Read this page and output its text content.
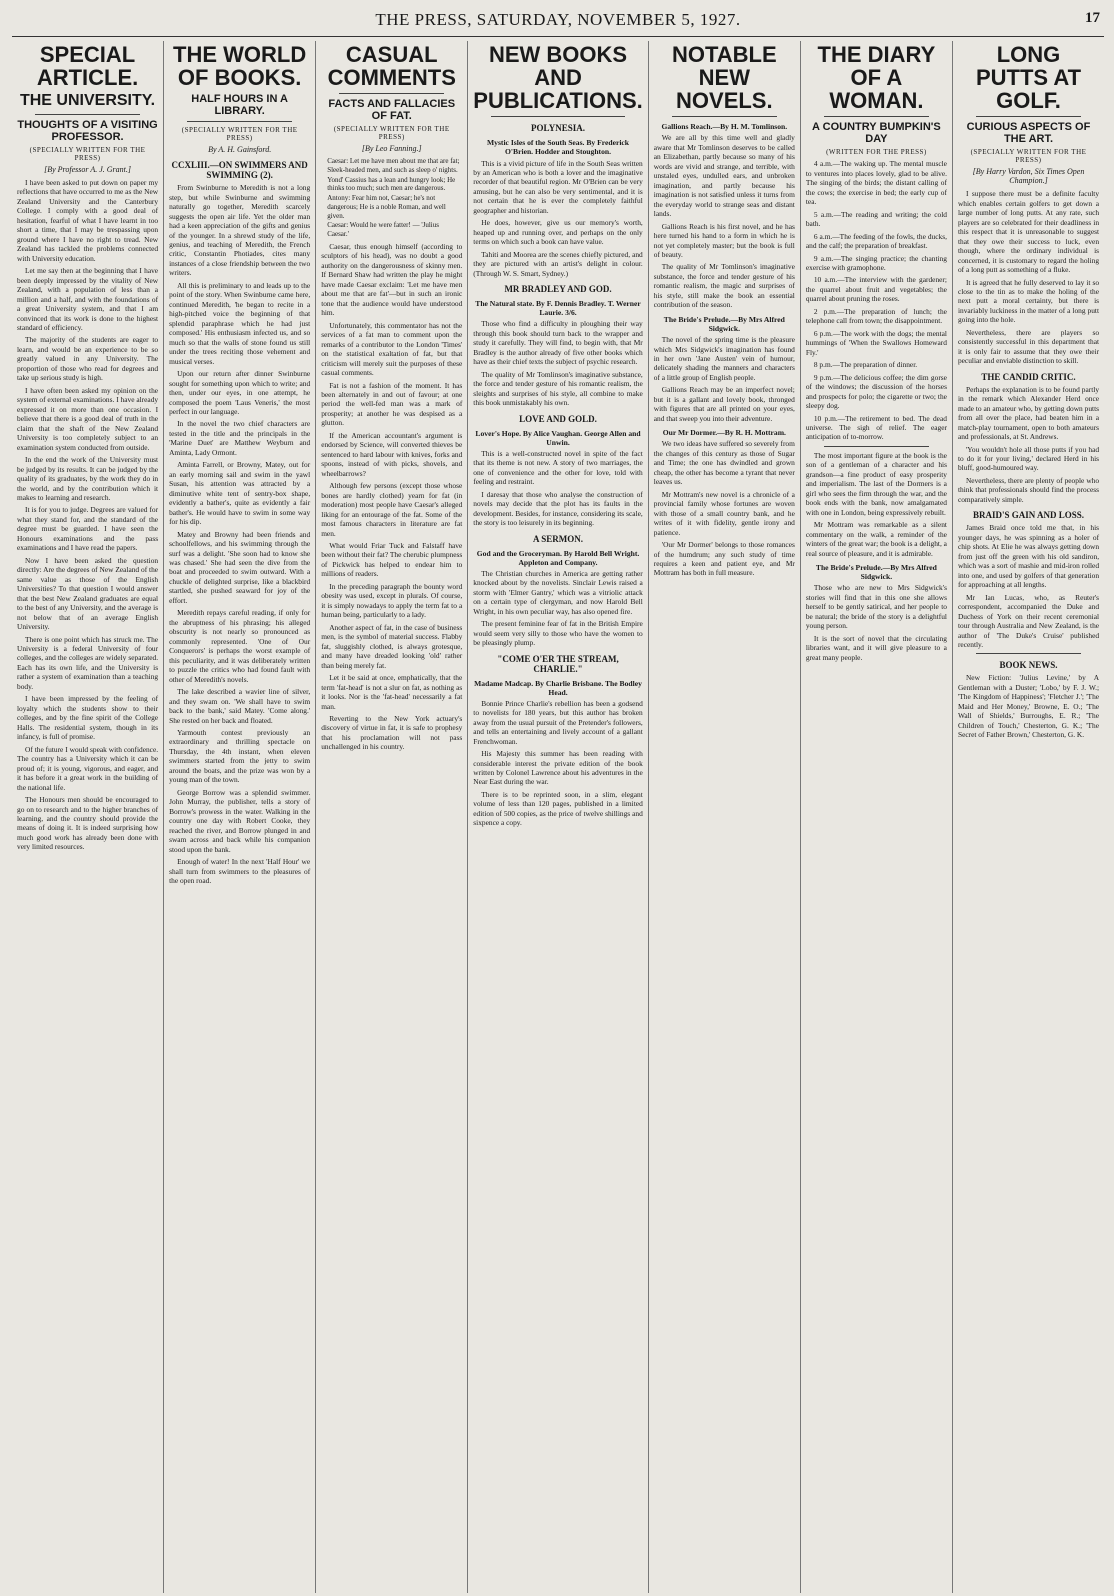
THE PRESS, SATURDAY, NOVEMBER 5, 1927.	17
SPECIAL ARTICLE.
THE UNIVERSITY.
THOUGHTS OF A VISITING PROFESSOR.
(SPECIALLY WRITTEN FOR THE PRESS)
[By Professor A. J. Grant.]

I have been asked to put down on paper my reflections that have occurred to me as the New Zealand University and the Canterbury College. I comply with a good deal of hesitation, fearful of what I have learnt in too short a time, that I may be trespassing upon ground where I have no right to tread. New Zealand has tackled the problems connected with University education.

Let me say then at the beginning that I have been deeply impressed by the vitality of New Zealand, with a population of less than a million and a half, and with the foundations of a great University system, and that I am convinced that its work is done to the highest standard of efficiency.

The majority of the students are eager to learn, and would be an experience to be so greatly valued in any University. The proportion of those who read for degrees and take up serious study is high.

I have often been asked my opinion on the system of external examinations. I have already expressed it on more than one occasion. I believe that there is a good deal of truth in the claim that the shaft of the New Zealand University is too completely subject to an examination system conducted from outside.

In the end the work of the University must be judged by its results. It can be judged by the quality of its graduates, by the work they do in the world, and by the contribution which it makes to learning and research.

It is for you to judge. Degrees are valued for what they stand for, and the standard of the degree must be guarded. I have seen the Honours examinations and the pass examinations and I have read the papers.

Now I have been asked the question directly: Are the degrees of New Zealand of the same value as those of the English Universities? To that question I would answer that the best New Zealand graduates are equal to the best of any University, and the average is not below that of an average English University.

There is one point which has struck me. The University is a federal University of four colleges, and the colleges are widely separated. Each has its own life, and the University is rather a system of examination than a teaching body.

I have been impressed by the feeling of loyalty which the students show to their colleges, and by the fine spirit of the College Halls. The residential system, though in its infancy, is full of promise.

Of the future I would speak with confidence. The country has a University which it can be proud of; it is young, vigorous, and eager, and it has before it a great work in the building of the national life.

The Honours men should be encouraged to go on to research and to the higher branches of learning, and the country should provide the means of doing it. It is indeed surprising how much good work has already been done with very limited resources.

THE WORLD OF BOOKS.
HALF HOURS IN A LIBRARY.
(SPECIALLY WRITTEN FOR THE PRESS)
By A. H. Gainsford.
CCXLIII.—ON SWIMMERS AND SWIMMING (2).

From Swinburne to Meredith is not a long step, but while Swinburne and swimming naturally go together, Meredith scarcely suggests the open air life. Yet the older man had a keen appreciation of the gifts and genius of the younger. In a shrewd study of the life, genius, and teaching of Meredith, the French critic, Constantin Photiades, cites many instances of a close friendship between the two writers.

All this is preliminary to and leads up to the point of the story. When Swinburne came here, continued Meredith, 'he began to recite in a high-pitched voice the beginning of that splendid paraphrase which he had just composed.' His enthusiasm infected us, and so much so that the walls of stone found us still under the trees reciting those vehement and musical verses.

Upon our return after dinner Swinburne sought for something upon which to write; and then, under our eyes, in one attempt, he composed the poem 'Laus Veneris,' the most perfect in our language.

In the novel the two chief characters are tested in the title and the principals in the 'Marine Duet' are Matthew Weyburn and Aminta, Lady Ormont.

Aminta Farrell, or Browny, Matey, out for an early morning sail and swim in the yawl Susan, his attention was attracted by a diminutive white tent of sentry-box shape, evidently a bather's, quite as evidently a fair bather's. He would have to swim in some way for his dip.

Matey and Browny had been friends and schoolfellows, and his swimming through the surf was a delight. 'She soon had to know she was chased.' She had seen the dive from the boat and proceeded to swim outward. With a chuckle of delighted surprise, like a blackbird startled, she pushed seaward for joy of the effort.

Meredith repays careful reading, if only for the abruptness of his phrasing; his alleged obscurity is not nearly so pronounced as commonly represented. 'One of Our Conquerors' is perhaps the worst example of this peculiarity, and it was deliberately written to puzzle the critics who had found fault with other of Meredith's novels.

The lake described a wavier line of silver, and they swam on. 'We shall have to swim back to the bank,' said Matey. 'Come along.' She rested on her back and floated.

Yarmouth contest previously an extraordinary and thrilling spectacle on Thursday, the 4th instant, when eleven swimmers started from the jetty to swim around the boats, and the prize was won by a young man of the town.

George Borrow was a splendid swimmer. John Murray, the publisher, tells a story of Borrow's prowess in the water. Walking in the country one day with Robert Cooke, they reached the river, and Borrow plunged in and swam across and back while his companion stood upon the bank.

Enough of water! In the next 'Half Hour' we shall turn from swimmers to the pleasures of the open road.

CASUAL COMMENTS
FACTS AND FALLACIES OF FAT.
(SPECIALLY WRITTEN FOR THE PRESS)
[By Leo Fanning.]
Caesar: Let me have men about me that are fat; Sleek-headed men, and such as sleep o' nights.
Yond' Cassius has a lean and hungry look; He thinks too much; such men are dangerous.
Antony: Fear him not, Caesar; he's not dangerous; He is a noble Roman, and well given.
Caesar: Would he were fatter! — 'Julius Caesar.'

Caesar, thus enough himself (according to sculptors of his head), was no doubt a good authority on the dangerousness of skinny men. If Bernard Shaw had written the play he might have made Caesar exclaim: 'Let me have men about me that are fat'—but in such an ironic tone that the audience would have understood him.

Unfortunately, this commentator has not the services of a fat man to comment upon the remarks of a contributor to the London 'Times' on the statistical exaltation of fat, but that criticism will merely suit the purposes of these casual comments.

Fat is not a fashion of the moment. It has been alternately in and out of favour; at one period the well-fed man was a mark of prosperity; at another he was despised as a glutton.

If the American accountant's argument is endorsed by Science, will converted thieves be sentenced to hard labour with knives, forks and spoons, instead of with picks, shovels, and wheelbarrows?

Although few persons (except those whose bones are hardly clothed) yearn for fat (in moderation) most people have Caesar's alleged liking for an entourage of the fat. Some of the most famous characters in literature are fat men.

What would Friar Tuck and Falstaff have been without their fat? The cherubic plumpness of Pickwick has helped to endear him to millions of readers.

In the preceding paragraph the bounty word obesity was used, except in plurals. Of course, it is simply nowadays to apply the term fat to a human being, particularly to a lady.

Another aspect of fat, in the case of business men, is the symbol of material success. Flabby fat, sluggishly clothed, is always grotesque, and many have dreaded looking 'old' rather than being merely fat.

Let it be said at once, emphatically, that the term 'fat-head' is not a slur on fat, as nothing as it looks. Nor is the 'fat-head' necessarily a fat man.

Reverting to the New York actuary's discovery of virtue in fat, it is safe to prophesy that his proclamation will not pass unchallenged in his country.

NEW BOOKS AND PUBLICATIONS.
POLYNESIA.
Mystic Isles of the South Seas. By Frederick O'Brien. Hodder and Stoughton.

This is a vivid picture of life in the South Seas written by an American who is both a lover and the imaginative recorder of that beautiful region. Mr O'Brien can be very amusing, but he can also be very sentimental, and it is not certain that he is ever the completely faithful geographer and historian.

He does, however, give us our memory's worth, heaped up and running over, and perhaps on the only terms on which such a book can have value.

Tahiti and Moorea are the scenes chiefly pictured, and they are pictured with an artist's delight in colour. (Through W. S. Smart, Sydney.)

MR BRADLEY AND GOD.
The Natural state. By F. Dennis Bradley. T. Werner Laurie. 3/6.

Those who find a difficulty in ploughing their way through this book should turn back to the wrapper and study it carefully. They will find, to begin with, that Mr Bradley is the author already of five other books which have as their chief texts the subject of psychic research.

The quality of Mr Tomlinson's imaginative substance, the force and tender gesture of his romantic realism, the sleights and surprises of his style, all combine to make this book unmistakably his own.

LOVE AND GOLD.
Lover's Hope. By Alice Vaughan. George Allen and Unwin.

This is a well-constructed novel in spite of the fact that its theme is not new. A story of two marriages, the one of convenience and the other for love, told with feeling and restraint.

I daresay that those who analyse the construction of novels may decide that the plot has its faults in the development. Besides, for instance, considering its scale, the story is too leisurely in its beginning.

A SERMON.
God and the Groceryman. By Harold Bell Wright. Appleton and Company.

The Christian churches in America are getting rather knocked about by the novelists. Sinclair Lewis raised a storm with 'Elmer Gantry,' which was a vitriolic attack on a certain type of clergyman, and now Harold Bell Wright, in his own peculiar way, has also opened fire.

The present feminine fear of fat in the British Empire would seem very silly to those who have the women to be pleasingly plump.

"COME O'ER THE STREAM, CHARLIE."
Madame Madcap. By Charlie Brisbane. The Bodley Head.

Bonnie Prince Charlie's rebellion has been a godsend to novelists for 180 years, but this author has broken away from the usual pursuit of the Pretender's followers, and tells an entertaining and lively account of a gallant Frenchwoman.

His Majesty this summer has been reading with considerable interest the private edition of the book written by Colonel Lawrence about his adventures in the Near East during the war.

There is to be reprinted soon, in a slim, elegant volume of less than 120 pages, published in a limited edition of 500 copies, as the price of twelve shillings and sixpence a copy.

NOTABLE NEW NOVELS.
Gallions Reach.—By H. M. Tomlinson.

We are all by this time well and gladly aware that Mr Tomlinson deserves to be called an Elizabethan, partly because so many of his words are vivid and strange, and terrible, with unstaled eyes, undulled ears, and unbroken imagination, and partly because his imagination is not satisfied unless it turns from the everyday world to strange seas and distant lands.

Gallions Reach is his first novel, and he has here turned his hand to a form in which he is not yet completely master; but the book is full of beauty.

The quality of Mr Tomlinson's imaginative substance, the force and tender gesture of his romantic realism, the magic and surprises of his style, still make the book an essential contribution of the season.

The Bride's Prelude.—By Mrs Alfred Sidgwick.

The novel of the spring time is the pleasure which Mrs Sidgwick's imagination has found in her own 'Jane Austen' vein of humour, delicately shading the manners and characters of a little group of English people.

Gallions Reach may be an imperfect novel; but it is a gallant and lovely book, thronged with figures that are all printed on your eyes, and that sweep you into their adventure.

Our Mr Dormer.—By R. H. Mottram.

We two ideas have suffered so severely from the changes of this century as those of Sugar and Time; the one has dwindled and grown cheap, the other has become a tyrant that never leaves us.

Mr Mottram's new novel is a chronicle of a provincial family whose fortunes are woven with those of a small country bank, and he writes of it with fidelity, gentle irony and patience.

'Our Mr Dormer' belongs to those romances of the humdrum; any such study of time requires a keen and patient eye, and Mr Mottram has both in full measure.

THE DIARY OF A WOMAN.
A COUNTRY BUMPKIN'S DAY
(WRITTEN FOR THE PRESS)

4 a.m.—The waking up. The mental muscle to ventures into places lovely, glad to be alive. The singing of the birds; the distant calling of the cows; the exercise in bed; the early cup of tea.

5 a.m.—The reading and writing; the cold bath.

6 a.m.—The feeding of the fowls, the ducks, and the calf; the preparation of breakfast.

9 a.m.—The singing practice; the chanting exercise with gramophone.

10 a.m.—The interview with the gardener; the quarrel about fruit and vegetables; the quarrel about pruning the roses.

2 p.m.—The preparation of lunch; the telephone call from town; the disappointment.

6 p.m.—The work with the dogs; the mental hummings of 'When the Swallows Homeward Fly.'

8 p.m.—The preparation of dinner.

9 p.m.—The delicious coffee; the dim gorse of the windows; the discussion of the horses and prospects for polo; the cigarette or two; the sleepy dog.

10 p.m.—The retirement to bed. The dead universe. The sigh of relief. The eager anticipation of to-morrow.

The most important figure at the book is the son of a gentleman of a character and his grandson—a fine product of easy prosperity and imperialism. The last of the Dormers is a girl who sees the firm through the war, and the book ends with the bank, now amalgamated with one in London, being expressively rebuilt.

Mr Mottram was remarkable as a silent commentary on the walk, a reminder of the winters of the great war; the book is a delight, a real source of pleasure, and it is admirable.

The Bride's Prelude.—By Mrs Alfred Sidgwick.

Those who are new to Mrs Sidgwick's stories will find that in this one she allows herself to be gently satirical, and her people to be natural; the bride of the story is a delightful young person.

It is the sort of novel that the circulating libraries want, and it will give pleasure to a great many people.

LONG PUTTS AT GOLF.
CURIOUS ASPECTS OF THE ART.
(SPECIALLY WRITTEN FOR THE PRESS)
[By Harry Vardon, Six Times Open Champion.]

I suppose there must be a definite faculty which enables certain golfers to get down a large number of long putts. At any rate, such players are so celebrated for their deadliness in this respect that it is unreasonable to suggest that they owe their success to luck, even though, where the ordinary individual is concerned, it is customary to regard the holing of a long putt as something of a fluke.

It is agreed that he fully deserved to lay it so close to the tin as to make the holing of the next putt a moral certainty, but there is invariably luckiness in the matter of a long putt going into the hole.

Nevertheless, there are players so consistently successful in this department that it is only fair to assume that they owe their peculiar and enviable distinction to skill.

THE CANDID CRITIC.

Perhaps the explanation is to be found partly in the remark which Alexander Herd once made to an amateur who, by getting down putts from all over the place, had beaten him in a match-play tournament, open to both amateurs and professionals, at St. Andrews.

'You wouldn't hole all those putts if you had to do it for your living,' declared Herd in his bluff, good-humoured way.

Nevertheless, there are plenty of people who think that professionals should find the process comparatively simple.

BRAID'S GAIN AND LOSS.

James Braid once told me that, in his younger days, he was spinning as a holer of chip shots. At Elie he was always getting down from just off the green with his old sandiron, which was a sort of mashie and mid-iron rolled into one, and used by golfers of that generation for approaching at all lengths.

Mr Ian Lucas, who, as Reuter's correspondent, accompanied the Duke and Duchess of York on their recent ceremonial tour through Australia and New Zealand, is the author of 'The Duke's Cruise' published recently.

BOOK NEWS.

New Fiction: 'Julius Levine,' by A Gentleman with a Duster; 'Lobo,' by F. J. W.; 'The Kingdom of Happiness'; 'Fletcher J.'; 'The Maid and Her Money,' Browne, E. O.; 'The Wall of Shields,' Burroughs, E. R.; 'The Children of Touch,' Chesterton, G. K.; 'The Secret of Father Brown,' Chesterton, G. K.
